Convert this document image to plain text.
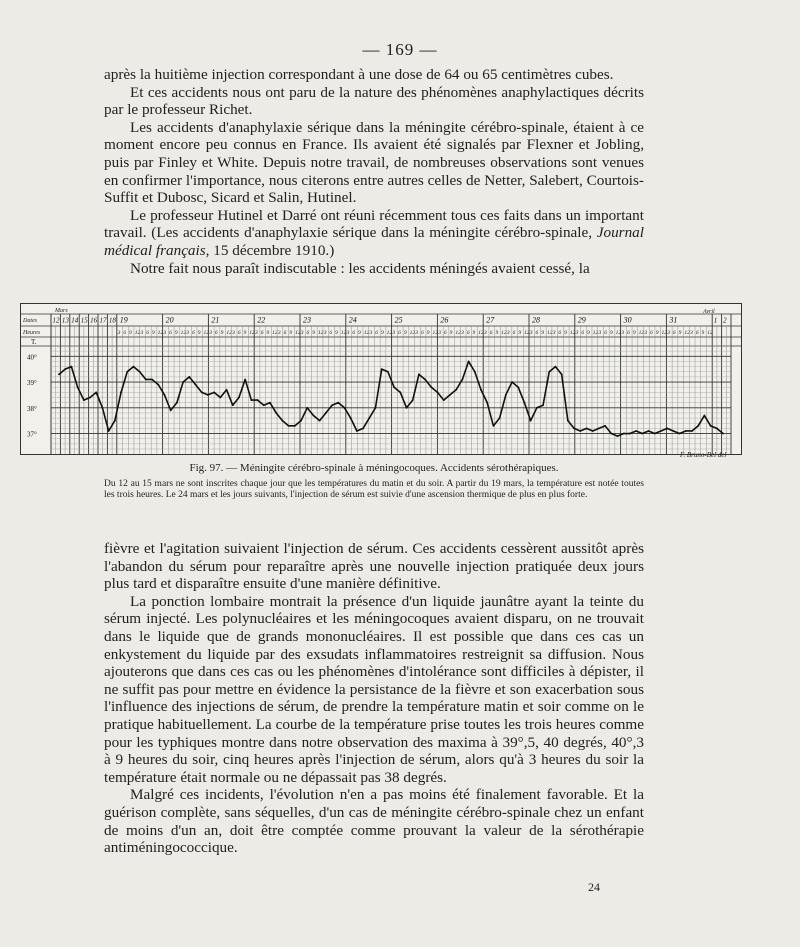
— 169 —

après la huitième injection correspondant à une dose de 64 ou 65 centimètres cubes.

Et ces accidents nous ont paru de la nature des phénomènes anaphylactiques décrits par le professeur Richet.

Les accidents d'anaphylaxie sérique dans la méningite cérébro-spinale, étaient à ce moment encore peu connus en France. Ils avaient été signalés par Flexner et Jobling, puis par Finley et White. Depuis notre travail, de nombreuses observations sont venues en confirmer l'importance, nous citerons entre autres celles de Netter, Salebert, Courtois-Suffit et Dubosc, Sicard et Salin, Hutinel.

Le professeur Hutinel et Darré ont réuni récemment tous ces faits dans un important travail. (Les accidents d'anaphylaxie sérique dans la méningite cérébro-spinale, Journal médical français, 15 décembre 1910.)

Notre fait nous paraît indiscutable : les accidents méningés avaient cessé, la

Dates
Heures
T.
Mars	Avril
12 13 14 15 16 17 18 19
3 6 9 12 3 6 9 12
20
3 6 9 12 3 6 9 12
21
3 6 9 12 3 6 9 12
22
3 6 9 12 3 6 9 12
23
3 6 9 12 3 6 9 12
24
3 6 9 12 3 6 9 12
25
3 6 9 12 3 6 9 12
26
3 6 9 12 3 6 9 12
27
3 6 9 12 3 6 9 12
28
3 6 9 12 3 6 9 12
29
3 6 9 12 3 6 9 12
30
3 6 9 12 3 6 9 12
31
3 6 9 12 3 6 9 12
1 2
40°
39°
38°
37°
F. Bruno-Bel del
Fig. 97. — Méningite cérébro-spinale à méningocoques. Accidents sérothérapiques.
Du 12 au 15 mars ne sont inscrites chaque jour que les températures du matin et du soir. A partir du 19 mars, la température est notée toutes les trois heures. Le 24 mars et les jours suivants, l'injection de sérum est suivie d'une ascension thermique de plus en plus forte.

fièvre et l'agitation suivaient l'injection de sérum. Ces accidents cessèrent aussitôt après l'abandon du sérum pour reparaître après une nouvelle injection pratiquée deux jours plus tard et disparaître ensuite d'une manière définitive.

La ponction lombaire montrait la présence d'un liquide jaunâtre ayant la teinte du sérum injecté. Les polynucléaires et les méningocoques avaient disparu, on ne trouvait dans le liquide que de grands mononucléaires. Il est possible que dans ces cas un enkystement du liquide par des exsudats inflammatoires restreignit sa diffusion. Nous ajouterons que dans ces cas ou les phénomènes d'intolérance sont difficiles à dépister, il ne suffit pas pour mettre en évidence la persistance de la fièvre et son exacerbation sous l'influence des injections de sérum, de prendre la température matin et soir comme on le pratique habituellement. La courbe de la température prise toutes les trois heures comme pour les typhiques montre dans notre observation des maxima à 39°,5, 40 degrés, 40°,3 à 9 heures du soir, cinq heures après l'injection de sérum, alors qu'à 3 heures du soir la température était normale ou ne dépassait pas 38 degrés.

Malgré ces incidents, l'évolution n'en a pas moins été finalement favorable. Et la guérison complète, sans séquelles, d'un cas de méningite cérébro-spinale chez un enfant de moins d'un an, doit être comptée comme prouvant la valeur de la sérothérapie antiméningococcique.

24
